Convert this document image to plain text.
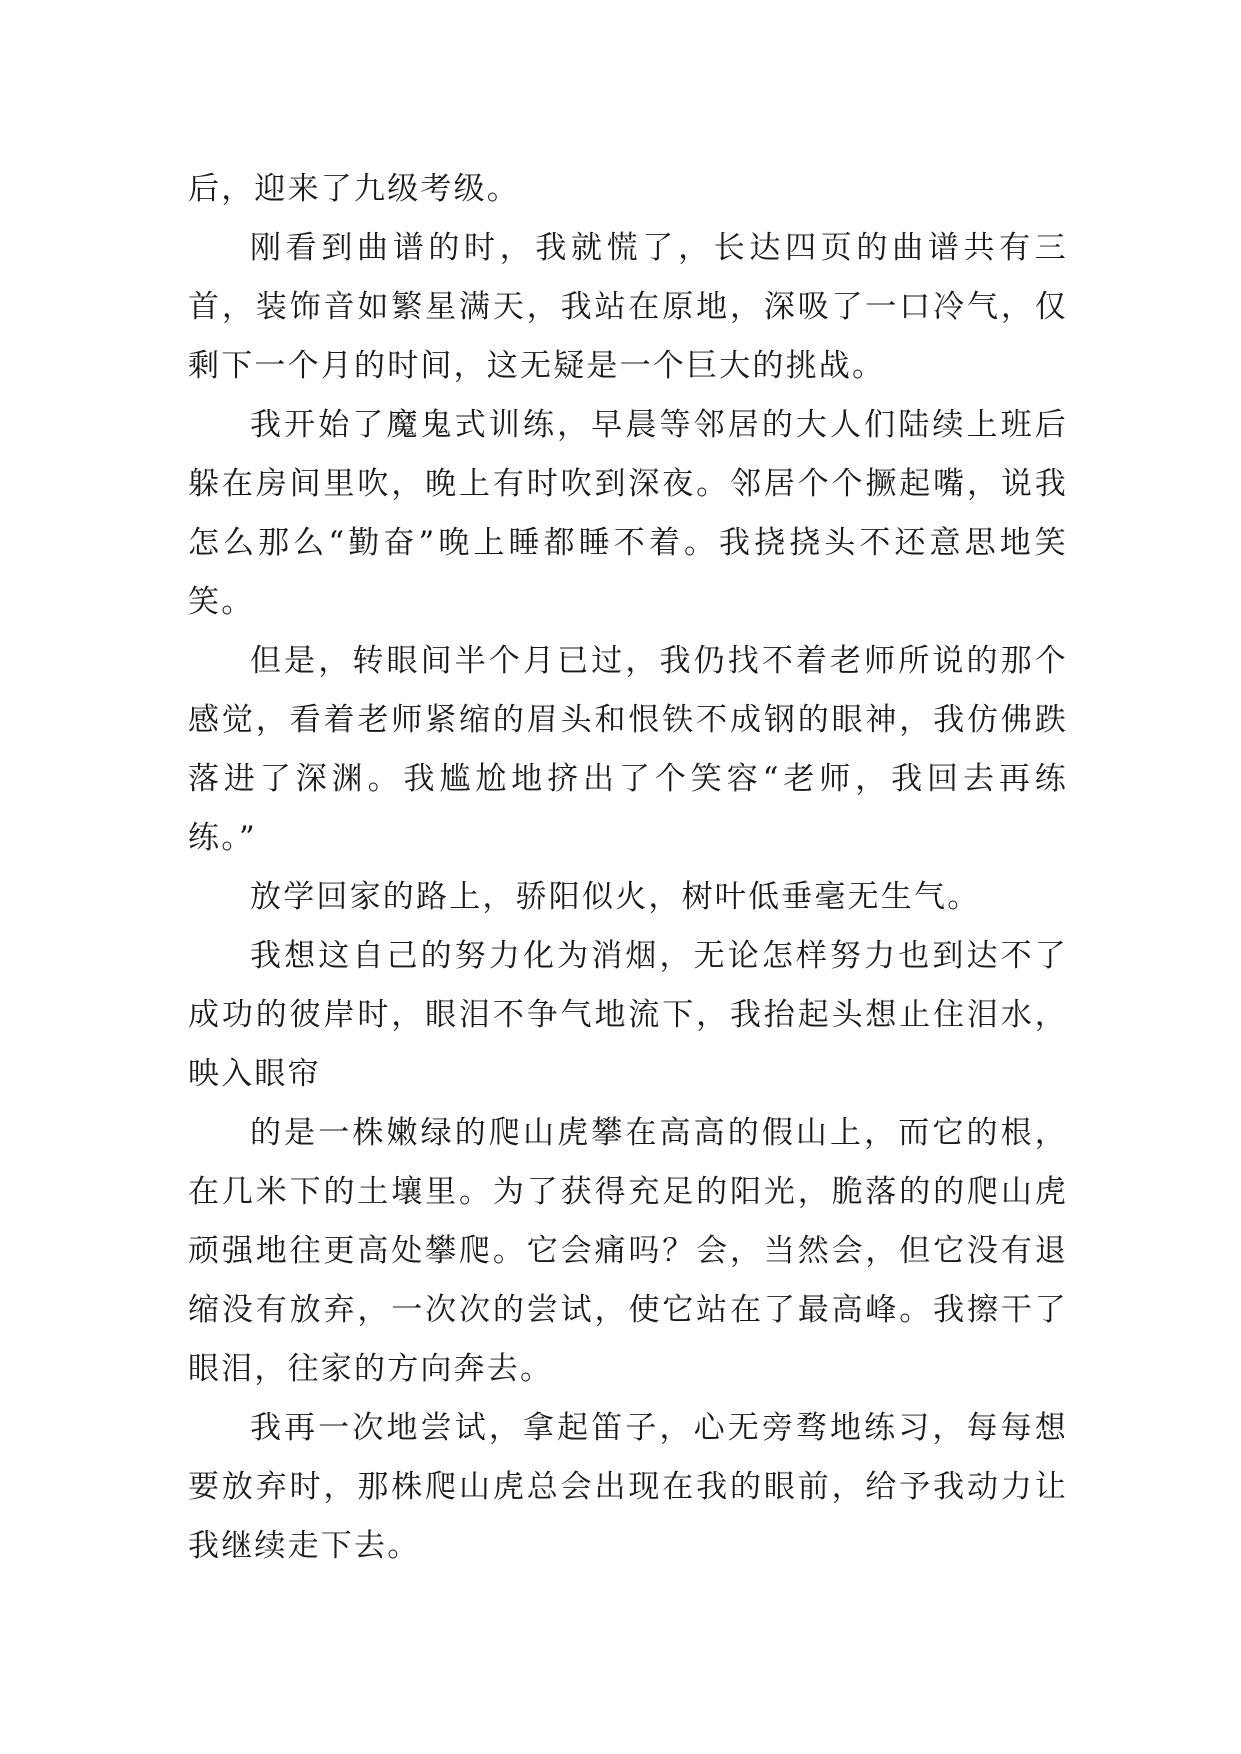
后，迎来了九级考级。

刚看到曲谱的时，我就慌了，长达四页的曲谱共有三首，装饰音如繁星满天，我站在原地，深吸了一口冷气，仅剩下一个月的时间，这无疑是一个巨大的挑战。

我开始了魔鬼式训练，早晨等邻居的大人们陆续上班后躲在房间里吹，晚上有时吹到深夜。邻居个个撅起嘴，说我怎么那么“勤奋”晚上睡都睡不着。我挠挠头不还意思地笑笑。

但是，转眼间半个月已过，我仍找不着老师所说的那个感觉，看着老师紧缩的眉头和恨铁不成钢的眼神，我仿佛跌落进了深渊。我尴尬地挤出了个笑容“老师，我回去再练练。”

放学回家的路上，骄阳似火，树叶低垂毫无生气。

我想这自己的努力化为消烟，无论怎样努力也到达不了成功的彼岸时，眼泪不争气地流下，我抬起头想止住泪水，映入眼帘

的是一株嫩绿的爬山虎攀在高高的假山上，而它的根，在几米下的土壤里。为了获得充足的阳光，脆落的的爬山虎顽强地往更高处攀爬。它会痛吗？会，当然会，但它没有退缩没有放弃，一次次的尝试，使它站在了最高峰。我擦干了眼泪，往家的方向奔去。

我再一次地尝试，拿起笛子，心无旁骛地练习，每每想要放弃时，那株爬山虎总会出现在我的眼前，给予我动力让我继续走下去。
